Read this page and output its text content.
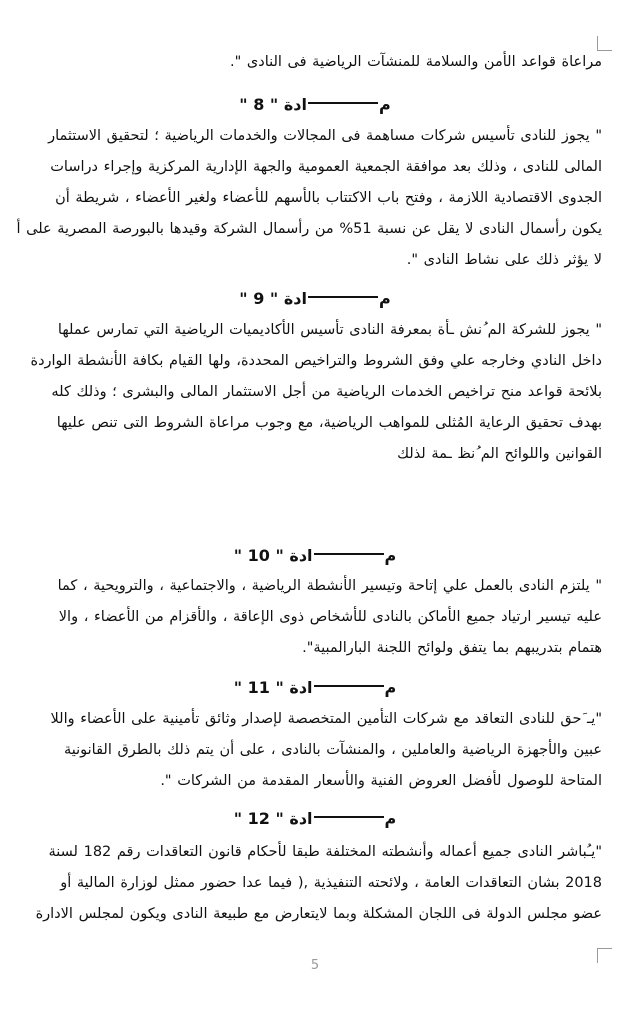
مراعاة قواعد الأمن والسلامة للمنشآت الرياضية فى النادى ".
مادة " 8 "
" يجوز للنادى تأسيس شركات مساهمة فى المجالات والخدمات الرياضية ؛ لتحقيق الاستثمار
المالى للنادى ، وذلك بعد موافقة الجمعية العمومية والجهة الإدارية المركزية وإجراء دراسات
الجدوى الاقتصادية اللازمة ، وفتح باب الاكتتاب بالأسهم للأعضاء ولغير الأعضاء ، شريطة أن
يكون رأسمال النادى لا يقل عن نسبة 51% من رأسمال الشركة وقيدها بالبورصة المصرية على أ
لا يؤثر ذلك على نشاط النادى ".
مادة " 9 "
" يجوز للشركة الم ُنش ـأة بمعرفة النادى تأسيس الأكاديميات الرياضية التي تمارس عملها
داخل النادي وخارجه علي وفق الشروط والتراخيص المحددة، ولها القيام بكافة الأنشطة الواردة
بلائحة قواعد منح تراخيص الخدمات الرياضية من أجل الاستثمار المالى والبشرى ؛ وذلك كله
بهدف تحقيق الرعاية المُثلى للمواهب الرياضية، مع وجوب مراعاة الشروط التى تنص عليها
القوانين واللوائح الم ُنظ ـمة لذلك
مادة " 10 "
" يلتزم النادى بالعمل علي إتاحة وتيسير الأنشطة الرياضية ، والاجتماعية ، والترويحية ، كما
عليه تيسير ارتياد جميع الأماكن بالنادى للأشخاص ذوى الإعاقة ، والأقزام من الأعضاء ، والا
هتمام بتدريبهم بما يتفق ولوائح اللجنة البارالمبية".
مادة " 11 "
"يـ َحق للنادى التعاقد مع شركات التأمين المتخصصة لإصدار وثائق تأمينية على الأعضاء واللا
عبين والأجهزة الرياضية والعاملين ، والمنشآت بالنادى ، على أن يتم ذلك بالطرق القانونية
المتاحة للوصول لأفضل العروض الفنية والأسعار المقدمة من الشركات ".
مادة " 12 "
"يـُباشر النادى جميع أعماله وأنشطته المختلفة طبقا لأحكام قانون التعاقدات رقم 182 لسنة
2018 بشان التعاقدات العامة ، ولائحته التنفيذية ,( فيما عدا حضور ممثل لوزارة المالية أو
عضو مجلس الدولة فى اللجان المشكلة وبما لايتعارض مع طبيعة النادى ويكون لمجلس الادارة
5
